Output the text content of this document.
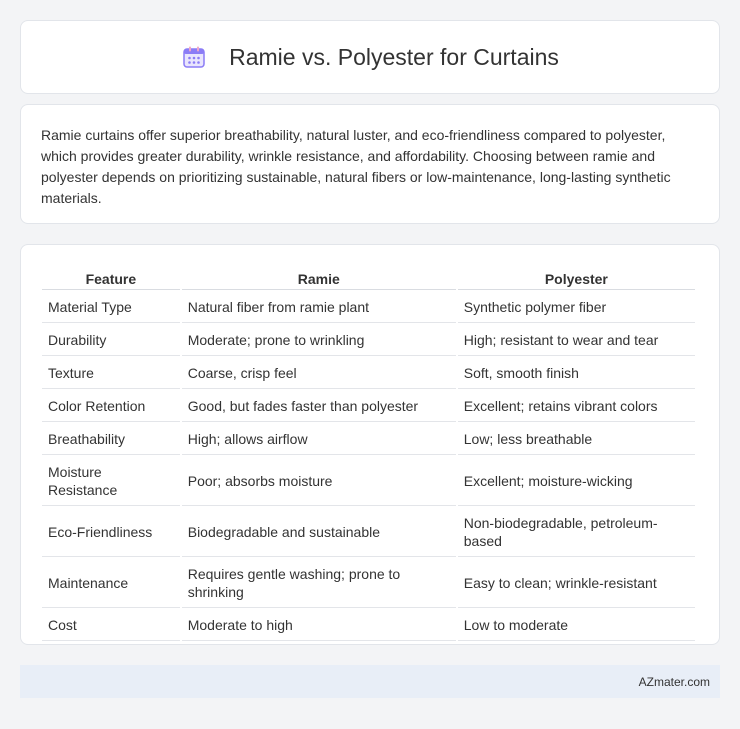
Ramie vs. Polyester for Curtains

Ramie curtains offer superior breathability, natural luster, and eco-friendliness compared to polyester, which provides greater durability, wrinkle resistance, and affordability. Choosing between ramie and polyester depends on prioritizing sustainable, natural fibers or low-maintenance, long-lasting synthetic materials.

Feature	Ramie	Polyester
Material Type	Natural fiber from ramie plant	Synthetic polymer fiber
Durability	Moderate; prone to wrinkling	High; resistant to wear and tear
Texture	Coarse, crisp feel	Soft, smooth finish
Color Retention	Good, but fades faster than polyester	Excellent; retains vibrant colors
Breathability	High; allows airflow	Low; less breathable
Moisture Resistance	Poor; absorbs moisture	Excellent; moisture-wicking
Eco-Friendliness	Biodegradable and sustainable	Non-biodegradable, petroleum-based
Maintenance	Requires gentle washing; prone to shrinking	Easy to clean; wrinkle-resistant
Cost	Moderate to high	Low to moderate
AZmater.com
